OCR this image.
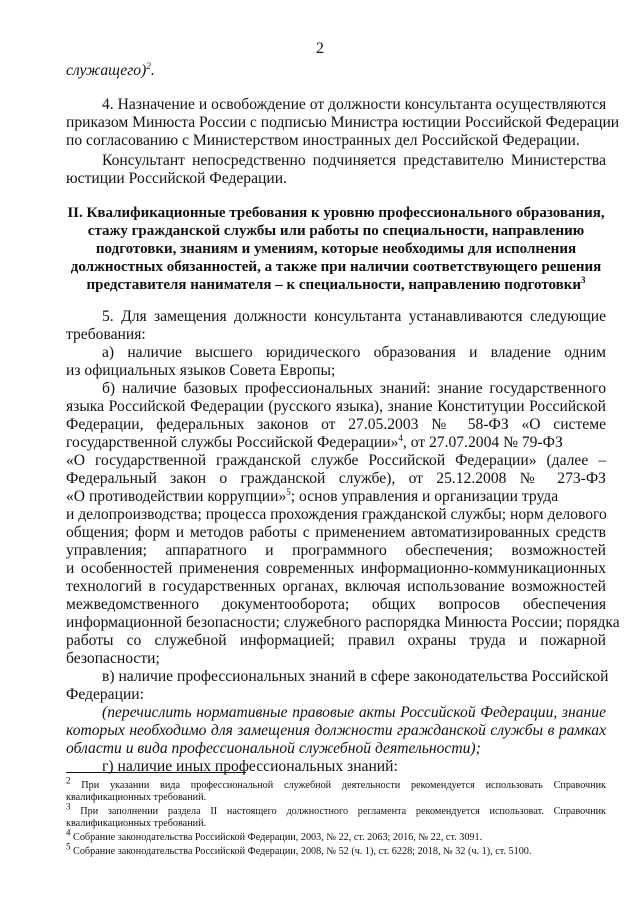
2
служащего)$^2$.
4. Назначение и освобождение от должности консультанта осуществляются
приказом Минюста России с подписью Министра юстиции Российской Федерации
по согласованию с Министерством иностранных дел Российской Федерации.
Консультант непосредственно подчиняется представителю Министерства
юстиции Российской Федерации.
II. Квалификационные требования к уровню профессионального образования,
стажу гражданской службы или работы по специальности, направлению
подготовки, знаниям и умениям, которые необходимы для исполнения
должностных обязанностей, а также при наличии соответствующего решения
представителя нанимателя – к специальности, направлению подготовки$^3$
5. Для замещения должности консультанта устанавливаются следующие
требования:
а) наличие высшего юридического образования и владение одним
из официальных языков Совета Европы;
б) наличие базовых профессиональных знаний: знание государственного
языка Российской Федерации (русского языка), знание Конституции Российской
Федерации, федеральных законов от 27.05.2003 № 58-ФЗ «О системе
государственной службы Российской Федерации»$^4$, от 27.07.2004 № 79-ФЗ
«О государственной гражданской службе Российской Федерации» (далее –
Федеральный закон о гражданской службе), от 25.12.2008 № 273-ФЗ
«О противодействии коррупции»$^5$; основ управления и организации труда
и делопроизводства; процесса прохождения гражданской службы; норм делового
общения; форм и методов работы с применением автоматизированных средств
управления; аппаратного и программного обеспечения; возможностей
и особенностей применения современных информационно-коммуникационных
технологий в государственных органах, включая использование возможностей
межведомственного документооборота; общих вопросов обеспечения
информационной безопасности; служебного распорядка Минюста России; порядка
работы со служебной информацией; правил охраны труда и пожарной
безопасности;
в) наличие профессиональных знаний в сфере законодательства Российской
Федерации:
(перечислить нормативные правовые акты Российской Федерации, знание
которых необходимо для замещения должности гражданской службы в рамках
области и вида профессиональной служебной деятельности);
г) наличие иных профессиональных знаний:
$^2$ При указании вида профессиональной служебной деятельности рекомендуется использовать Справочник
квалификационных требований.
$^3$ При заполнении раздела II настоящего должностного регламента рекомендуется использоват. Справочник
квалификационных требований.
$^4$ Собрание законодательства Российской Федерации, 2003, № 22, ст. 2063; 2016, № 22, ст. 3091.
$^5$ Собрание законодательства Российской Федерации, 2008, № 52 (ч. 1), ст. 6228; 2018, № 32 (ч. 1), ст. 5100.
